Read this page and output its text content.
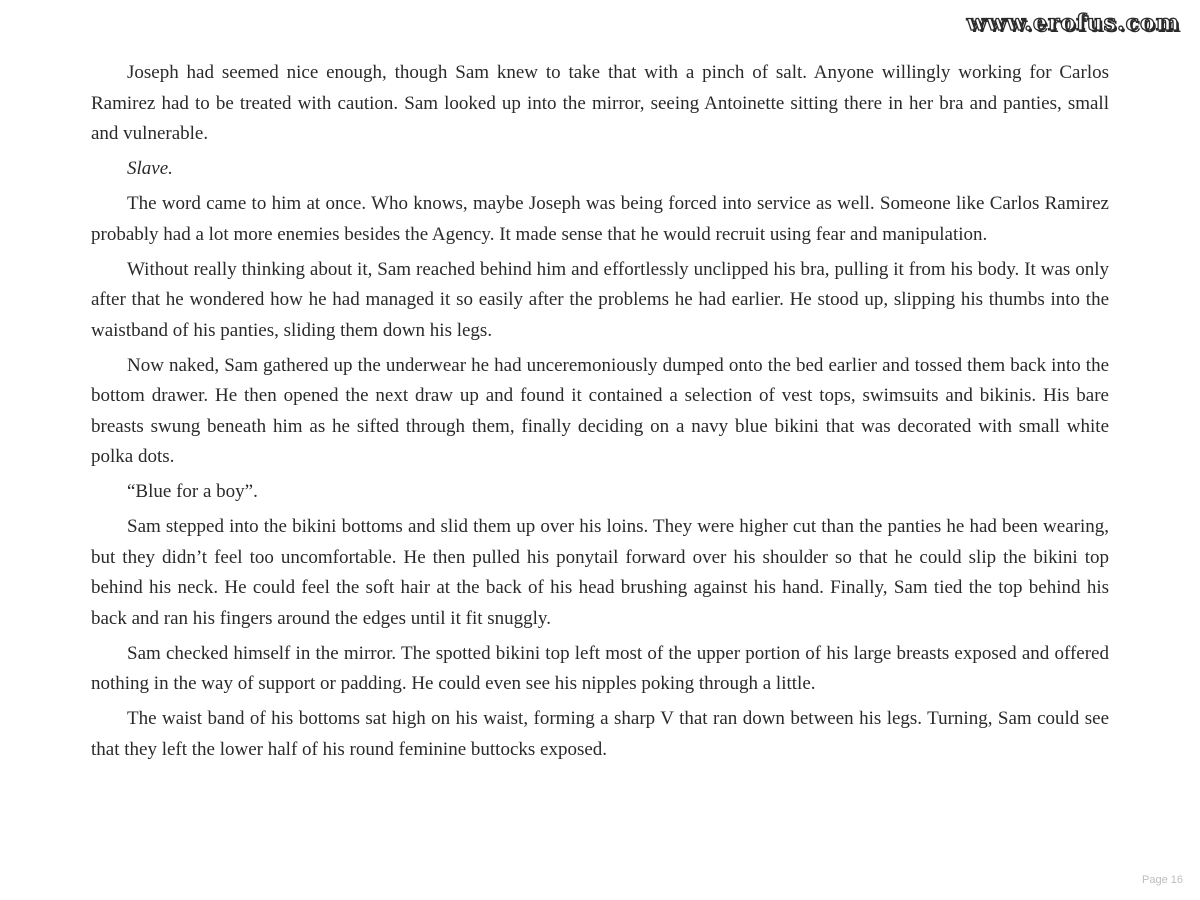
www.erofus.com

Joseph had seemed nice enough, though Sam knew to take that with a pinch of salt. Anyone willingly working for Carlos Ramirez had to be treated with caution. Sam looked up into the mirror, seeing Antoinette sitting there in her bra and panties, small and vulnerable.

Slave.

The word came to him at once. Who knows, maybe Joseph was being forced into service as well. Someone like Carlos Ramirez probably had a lot more enemies besides the Agency. It made sense that he would recruit using fear and manipulation.

Without really thinking about it, Sam reached behind him and effortlessly unclipped his bra, pulling it from his body. It was only after that he wondered how he had managed it so easily after the problems he had earlier. He stood up, slipping his thumbs into the waistband of his panties, sliding them down his legs.

Now naked, Sam gathered up the underwear he had unceremoniously dumped onto the bed earlier and tossed them back into the bottom drawer. He then opened the next draw up and found it contained a selection of vest tops, swimsuits and bikinis. His bare breasts swung beneath him as he sifted through them, finally deciding on a navy blue bikini that was decorated with small white polka dots.

“Blue for a boy”.

Sam stepped into the bikini bottoms and slid them up over his loins. They were higher cut than the panties he had been wearing, but they didn’t feel too uncomfortable. He then pulled his ponytail forward over his shoulder so that he could slip the bikini top behind his neck. He could feel the soft hair at the back of his head brushing against his hand. Finally, Sam tied the top behind his back and ran his fingers around the edges until it fit snuggly.

Sam checked himself in the mirror. The spotted bikini top left most of the upper portion of his large breasts exposed and offered nothing in the way of support or padding. He could even see his nipples poking through a little.

The waist band of his bottoms sat high on his waist, forming a sharp V that ran down between his legs. Turning, Sam could see that they left the lower half of his round feminine buttocks exposed.

Page 16
